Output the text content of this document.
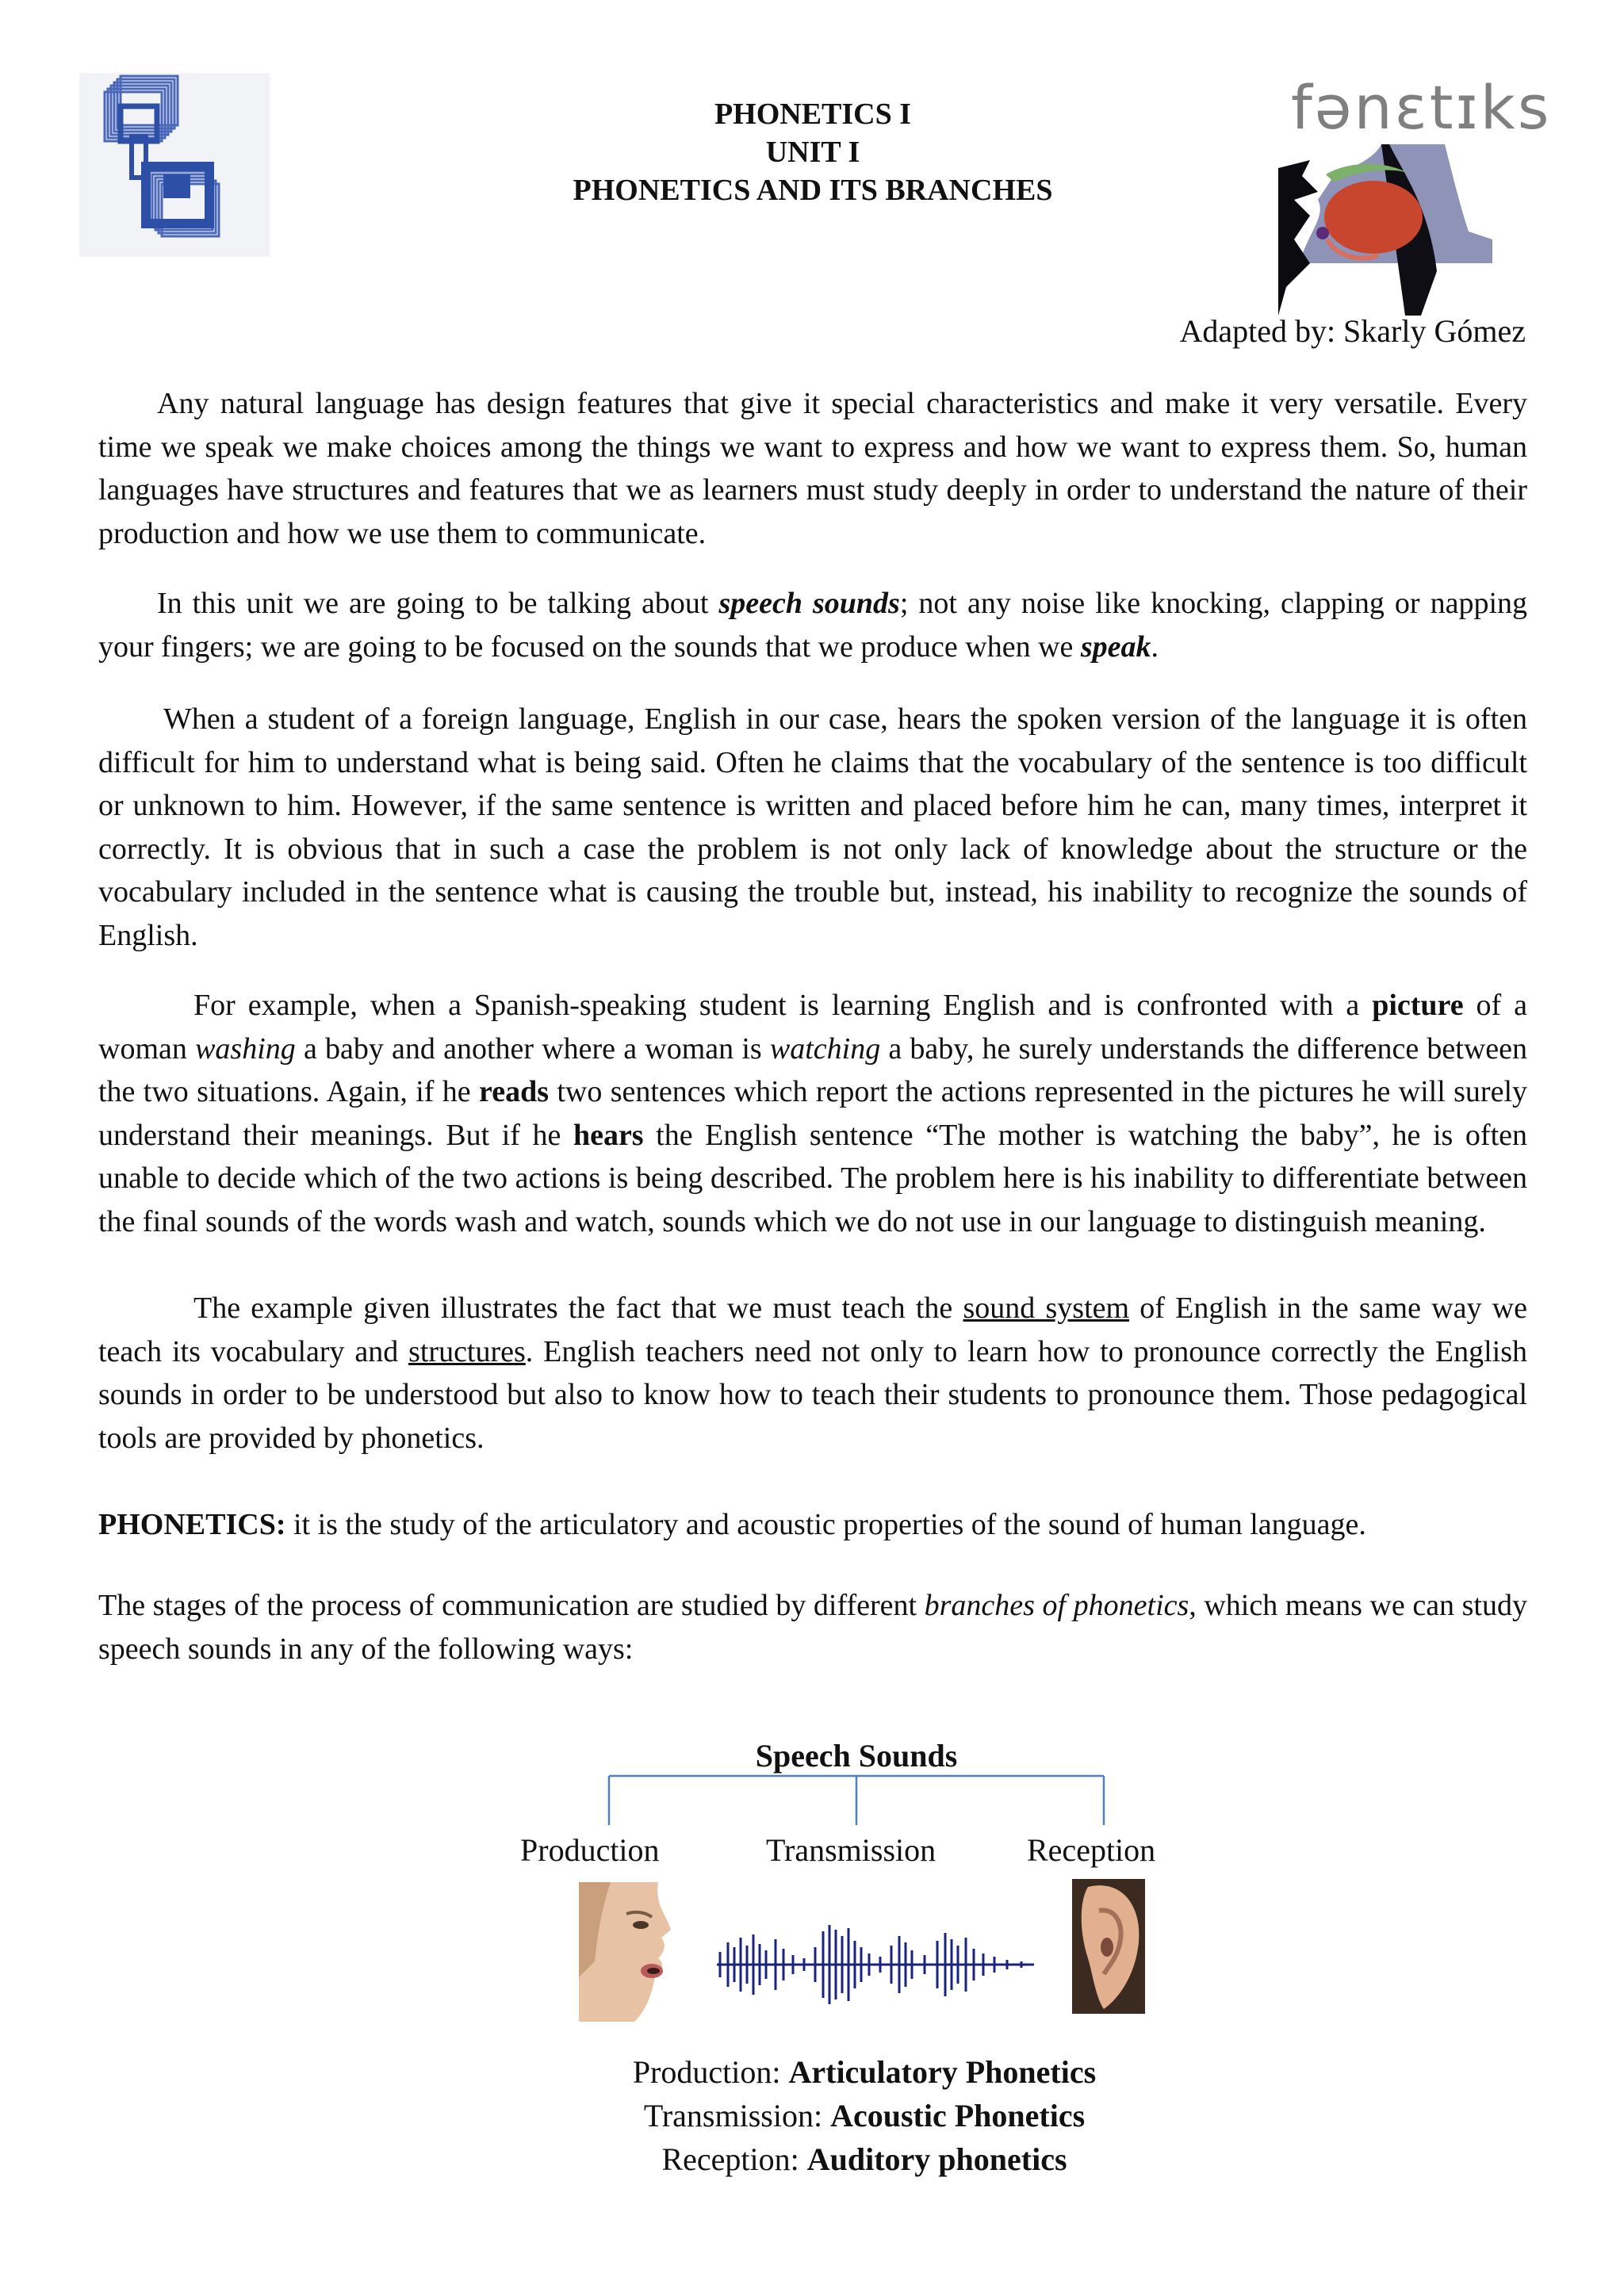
PHONETICS I
UNIT I
PHONETICS AND ITS BRANCHES
fənɛtɪks
Adapted by: Skarly Gómez

Any natural language has design features that give it special characteristics and make it very versatile. Every time we speak we make choices among the things we want to express and how we want to express them. So, human languages have structures and features that we as learners must study deeply in order to understand the nature of their production and how we use them to communicate.

In this unit we are going to be talking about speech sounds; not any noise like knocking, clapping or napping your fingers; we are going to be focused on the sounds that we produce when we speak.

When a student of a foreign language, English in our case, hears the spoken version of the language it is often difficult for him to understand what is being said. Often he claims that the vocabulary of the sentence is too difficult or unknown to him. However, if the same sentence is written and placed before him he can, many times, interpret it correctly. It is obvious that in such a case the problem is not only lack of knowledge about the structure or the vocabulary included in the sentence what is causing the trouble but, instead, his inability to recognize the sounds of English.

For example, when a Spanish-speaking student is learning English and is confronted with a picture of a woman washing a baby and another where a woman is watching a baby, he surely understands the difference between the two situations. Again, if he reads two sentences which report the actions represented in the pictures he will surely understand their meanings. But if he hears the English sentence “The mother is watching the baby”, he is often unable to decide which of the two actions is being described. The problem here is his inability to differentiate between the final sounds of the words wash and watch, sounds which we do not use in our language to distinguish meaning.

The example given illustrates the fact that we must teach the sound system of English in the same way we teach its vocabulary and structures. English teachers need not only to learn how to pronounce correctly the English sounds in order to be understood but also to know how to teach their students to pronounce them. Those pedagogical tools are provided by phonetics.

PHONETICS: it is the study of the articulatory and acoustic properties of the sound of human language.

The stages of the process of communication are studied by different branches of phonetics, which means we can study speech sounds in any of the following ways:

Speech Sounds
Production	Transmission	Reception
Production: Articulatory Phonetics
Transmission: Acoustic Phonetics
Reception: Auditory phonetics
